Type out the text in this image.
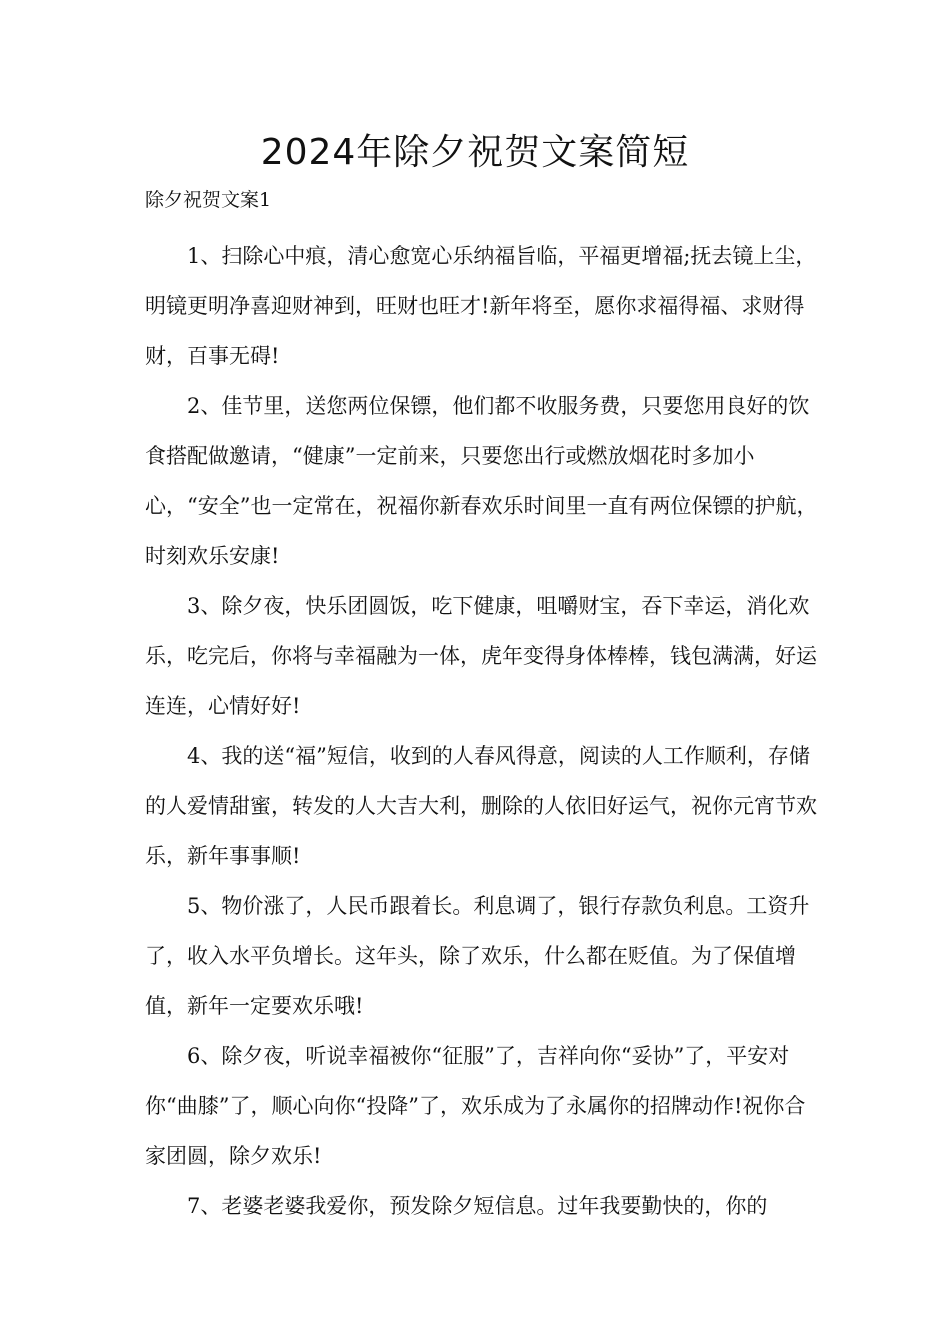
2024年除夕祝贺文案简短
除夕祝贺文案1

1、扫除心中痕，清心愈宽心乐纳福旨临，平福更增福;抚去镜上尘，明镜更明净喜迎财神到，旺财也旺才!新年将至，愿你求福得福、求财得财，百事无碍!

2、佳节里，送您两位保镖，他们都不收服务费，只要您用良好的饮食搭配做邀请，“健康”一定前来，只要您出行或燃放烟花时多加小心，“安全”也一定常在，祝福你新春欢乐时间里一直有两位保镖的护航，时刻欢乐安康!

3、除夕夜，快乐团圆饭，吃下健康，咀嚼财宝，吞下幸运，消化欢乐，吃完后，你将与幸福融为一体，虎年变得身体棒棒，钱包满满，好运连连，心情好好!

4、我的送“福”短信，收到的人春风得意，阅读的人工作顺利，存储的人爱情甜蜜，转发的人大吉大利，删除的人依旧好运气，祝你元宵节欢乐，新年事事顺!

5、物价涨了，人民币跟着长。利息调了，银行存款负利息。工资升了，收入水平负增长。这年头，除了欢乐，什么都在贬值。为了保值增值，新年一定要欢乐哦!

6、除夕夜，听说幸福被你“征服”了，吉祥向你“妥协”了，平安对你“曲膝”了，顺心向你“投降”了，欢乐成为了永属你的招牌动作!祝你合家团圆，除夕欢乐!

7、老婆老婆我爱你，预发除夕短信息。过年我要勤快的，你的
